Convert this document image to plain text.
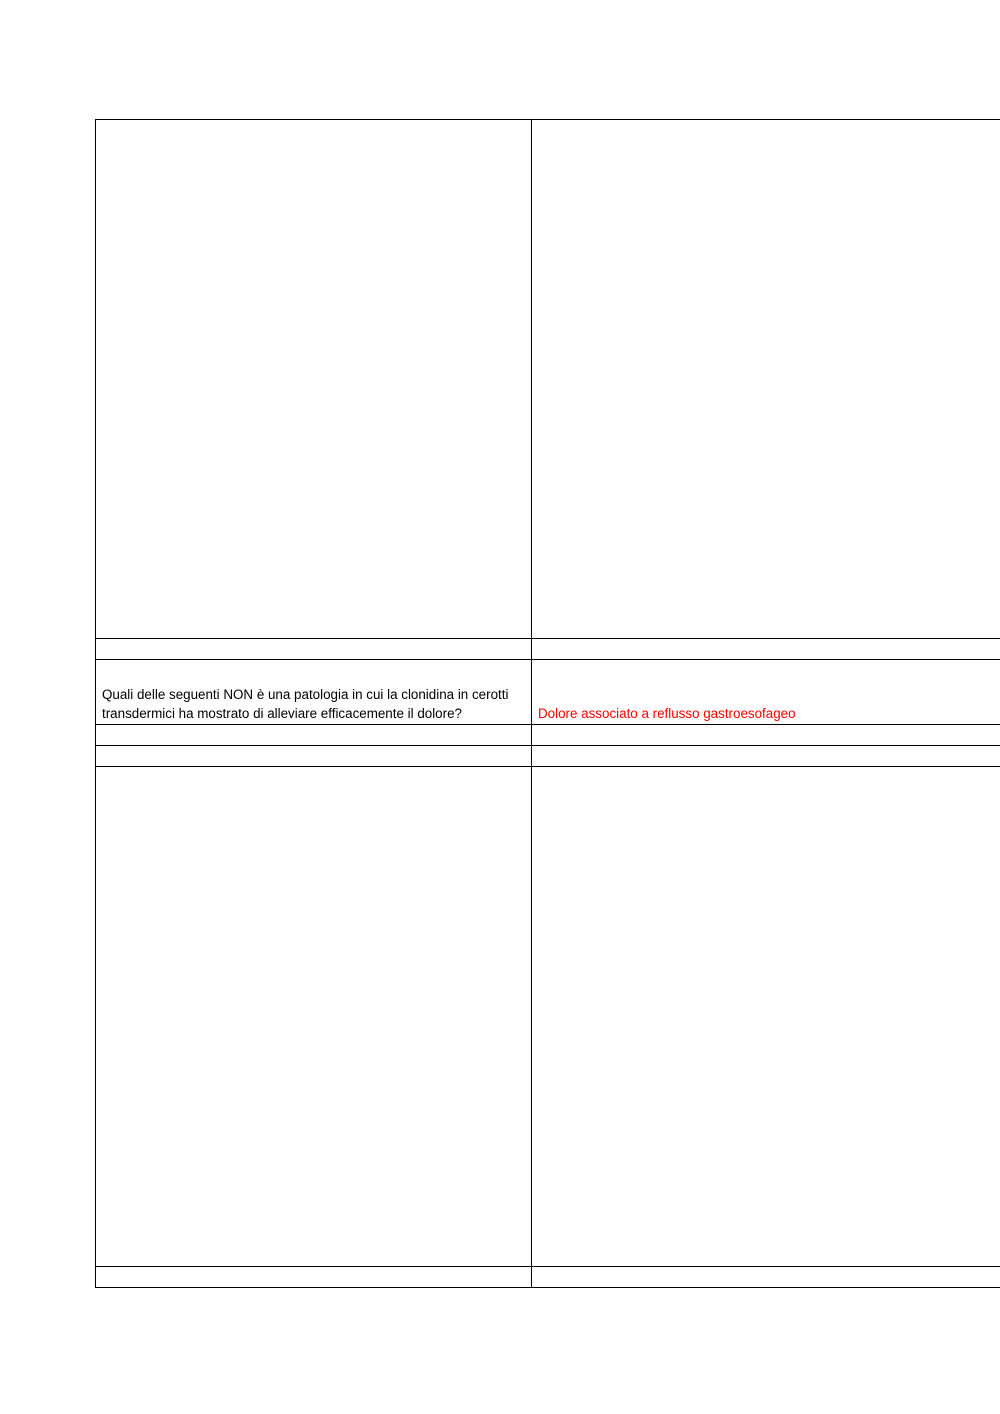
Quali delle seguenti NON è una patologia in cui la clonidina in cerotti transdermici ha mostrato di alleviare efficacemente il dolore?	Dolore associato a reflusso gastroesofageo
